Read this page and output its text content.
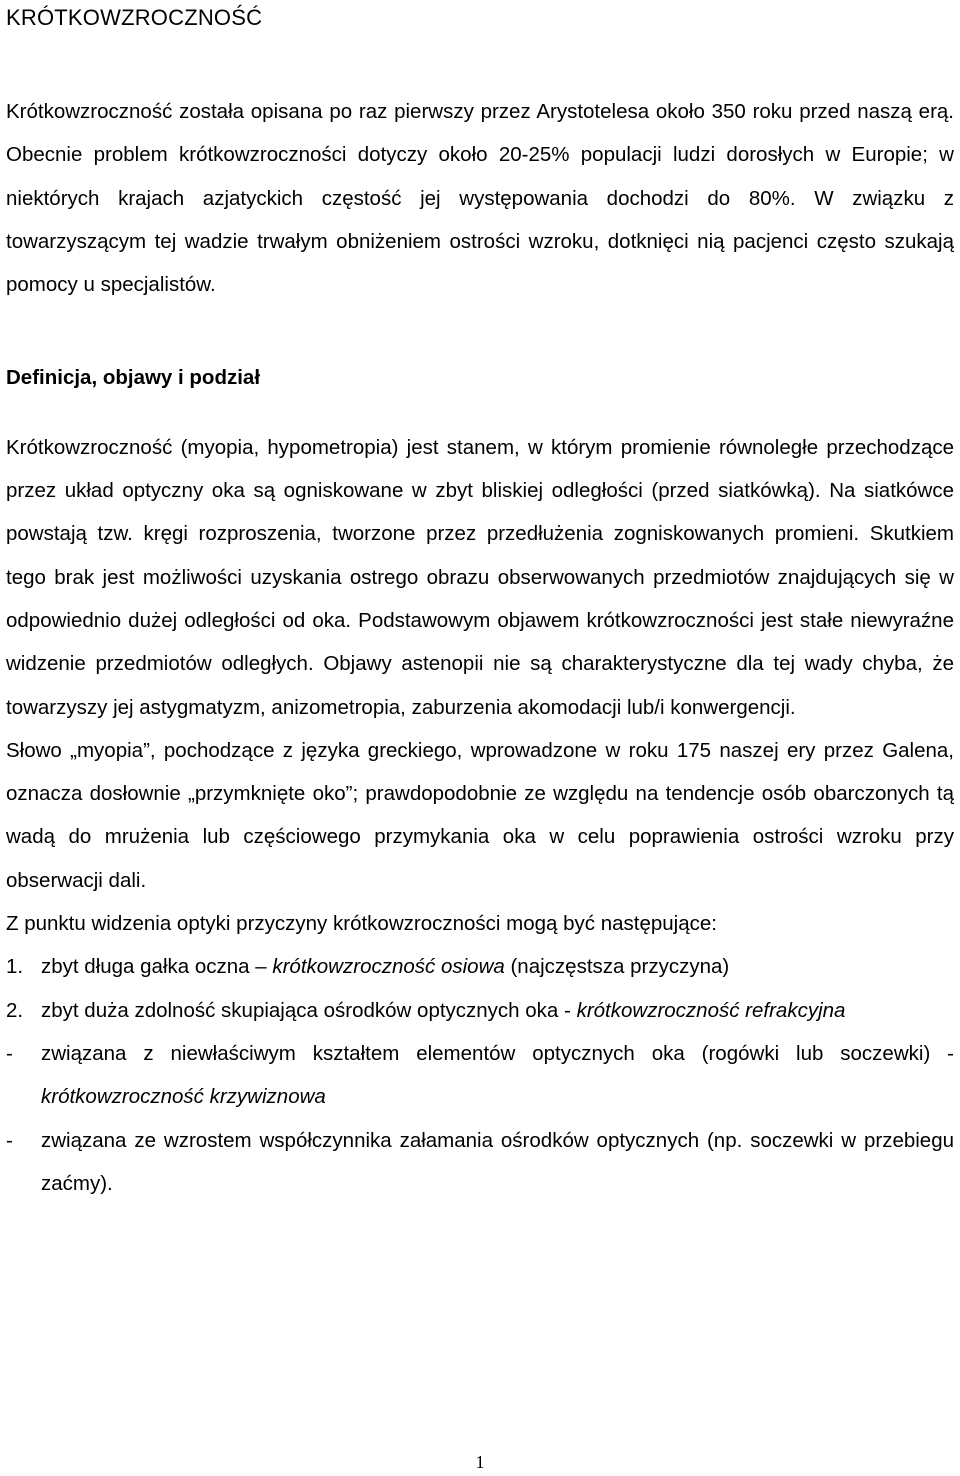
KRÓTKOWZROCZNOŚĆ

Krótkowzroczność została opisana po raz pierwszy przez Arystotelesa około 350 roku przed naszą erą. Obecnie problem krótkowzroczności dotyczy około 20-25% populacji ludzi dorosłych w Europie; w niektórych krajach azjatyckich częstość jej występowania dochodzi do 80%. W związku z towarzyszącym tej wadzie trwałym obniżeniem ostrości wzroku, dotknięci nią pacjenci często szukają pomocy u specjalistów.

Definicja, objawy i podział

Krótkowzroczność (myopia, hypometropia) jest stanem, w którym promienie równoległe przechodzące przez układ optyczny oka są ogniskowane w zbyt bliskiej odległości (przed siatkówką). Na siatkówce powstają tzw. kręgi rozproszenia, tworzone przez przedłużenia zogniskowanych promieni. Skutkiem tego brak jest możliwości uzyskania ostrego obrazu obserwowanych przedmiotów znajdujących się w odpowiednio dużej odległości od oka. Podstawowym objawem krótkowzroczności jest stałe niewyraźne widzenie przedmiotów odległych. Objawy astenopii nie są charakterystyczne dla tej wady chyba, że towarzyszy jej astygmatyzm, anizometropia, zaburzenia akomodacji lub/i konwergencji.

Słowo „myopia”, pochodzące z języka greckiego, wprowadzone w roku 175 naszej ery przez Galena, oznacza dosłownie „przymknięte oko”; prawdopodobnie ze względu na tendencje osób obarczonych tą wadą do mrużenia lub częściowego przymykania oka w celu poprawienia ostrości wzroku przy obserwacji dali.

Z punktu widzenia optyki przyczyny krótkowzroczności mogą być następujące:

1. zbyt długa gałka oczna – krótkowzroczność osiowa (najczęstsza przyczyna)
2. zbyt duża zdolność skupiająca ośrodków optycznych oka - krótkowzroczność refrakcyjna
-	związana z niewłaściwym kształtem elementów optycznych oka (rogówki lub soczewki) - krótkowzroczność krzywiznowa
-	związana ze wzrostem współczynnika załamania ośrodków optycznych (np. soczewki w przebiegu zaćmy).
1
